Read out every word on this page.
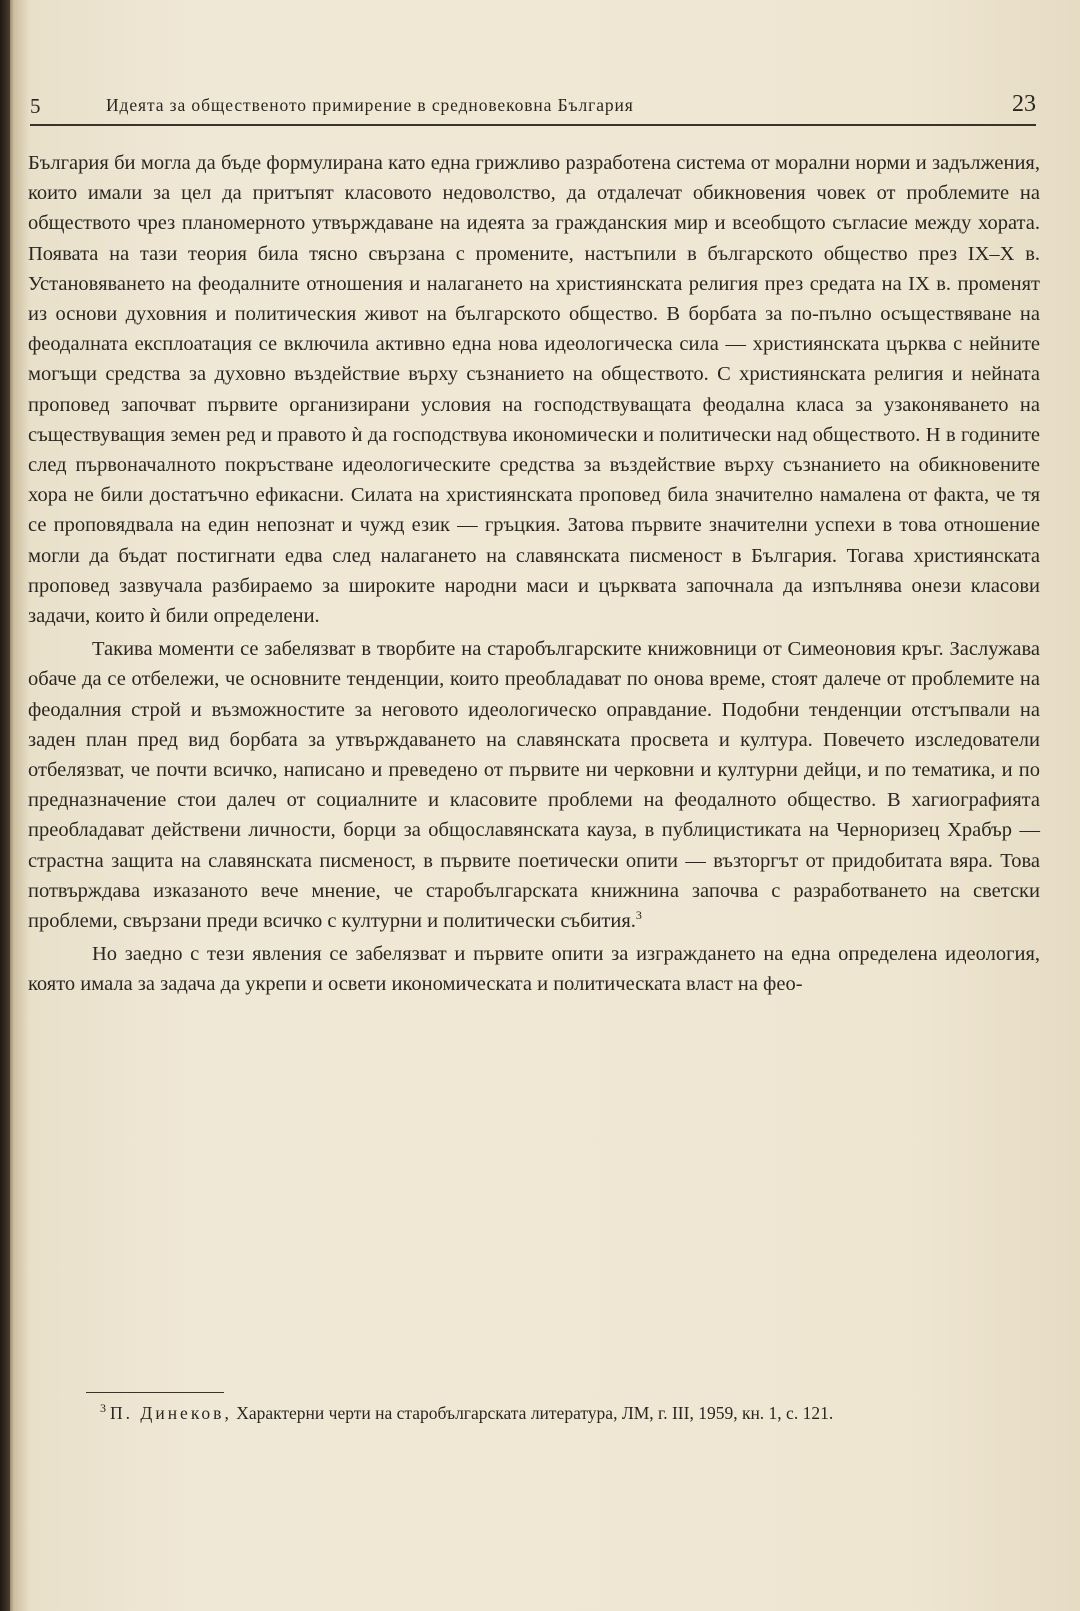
5	Идеята за общественото примирение в средновековна България	23

България би могла да бъде формулирана като една грижливо разработена система от морални норми и задължения, които имали за цел да притъпят класовото недоволство, да отдалечат обикновения човек от проблемите на обществото чрез планомерното утвърждаване на идеята за гражданския мир и всеобщото съгласие между хората. Появата на тази теория била тясно свързана с промените, настъпили в българското общество през IX–X в. Установяването на феодалните отношения и налагането на християнската религия през средата на IX в. променят из основи духовния и политическия живот на българското общество. В борбата за по-пълно осъществяване на феодалната експлоатация се включила активно една нова идеологическа сила — християнската църква с нейните могъщи средства за духовно въздействие върху съзнанието на обществото. С християнската религия и нейната проповед започват първите организирани условия на господствуващата феодална класа за узаконяването на съществуващия земен ред и правото ѝ да господствува икономически и политически над обществото. Н в годините след първоначалното покръстване идеологическите средства за въздействие върху съзнанието на обикновените хора не били достатъчно ефикасни. Силата на християнската проповед била значително намалена от факта, че тя се проповядвала на един непознат и чужд език — гръцкия. Затова първите значителни успехи в това отношение могли да бъдат постигнати едва след налагането на славянската писменост в България. Тогава християнската проповед зазвучала разбираемо за широките народни маси и църквата започнала да изпълнява онези класови задачи, които ѝ били определени.

Такива моменти се забелязват в творбите на старобългарските книжовници от Симеоновия кръг. Заслужава обаче да се отбележи, че основните тенденции, които преобладават по онова време, стоят далече от проблемите на феодалния строй и възможностите за неговото идеологическо оправдание. Подобни тенденции отстъпвали на заден план пред вид борбата за утвърждаването на славянската просвета и култура. Повечето изследователи отбелязват, че почти всичко, написано и преведено от първите ни черковни и културни дейци, и по тематика, и по предназначение стои далеч от социалните и класовите проблеми на феодалното общество. В хагиографията преобладават действени личности, борци за общославянската кауза, в публицистиката на Черноризец Храбър — страстна защита на славянската писменост, в първите поетически опити — възторгът от придобитата вяра. Това потвърждава изказаното вече мнение, че старобългарската книжнина започва с разработването на светски проблеми, свързани преди всичко с културни и политически събития.$^3$

Но заедно с тези явления се забелязват и първите опити за изграждането на една определена идеология, която имала за задача да укрепи и освети икономическата и политическата власт на фео-

$^3$ П. Динеков, Характерни черти на старобългарската литература, ЛМ, г. III, 1959, кн. 1, с. 121.
